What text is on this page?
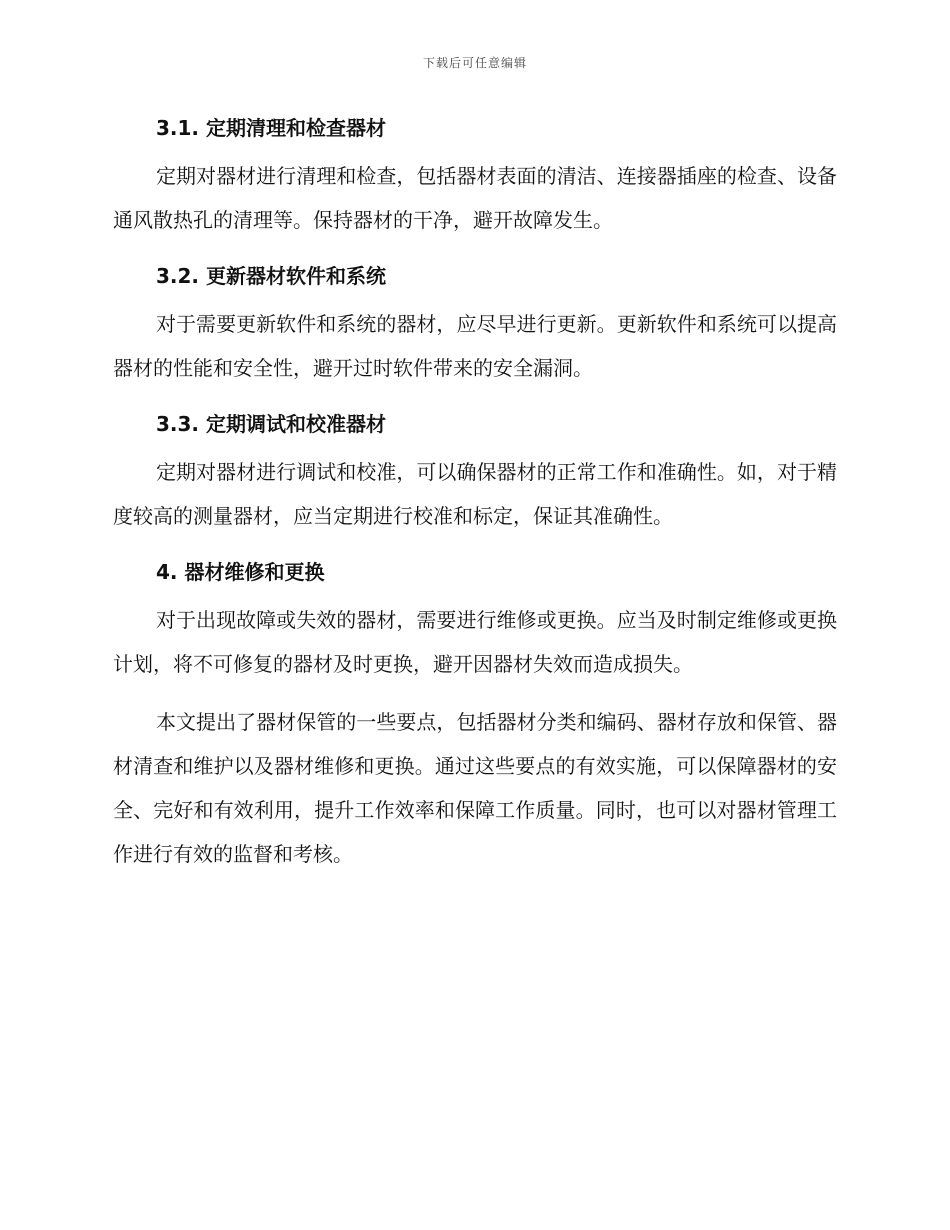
下载后可任意编辑
3.1. 定期清理和检查器材

定期对器材进行清理和检查，包括器材表面的清洁、连接器插座的检查、设备通风散热孔的清理等。保持器材的干净，避开故障发生。

3.2. 更新器材软件和系统

对于需要更新软件和系统的器材，应尽早进行更新。更新软件和系统可以提高器材的性能和安全性，避开过时软件带来的安全漏洞。

3.3. 定期调试和校准器材

定期对器材进行调试和校准，可以确保器材的正常工作和准确性。如，对于精度较高的测量器材，应当定期进行校准和标定，保证其准确性。

4. 器材维修和更换

对于出现故障或失效的器材，需要进行维修或更换。应当及时制定维修或更换计划，将不可修复的器材及时更换，避开因器材失效而造成损失。

本文提出了器材保管的一些要点，包括器材分类和编码、器材存放和保管、器材清查和维护以及器材维修和更换。通过这些要点的有效实施，可以保障器材的安全、完好和有效利用，提升工作效率和保障工作质量。同时，也可以对器材管理工作进行有效的监督和考核。
